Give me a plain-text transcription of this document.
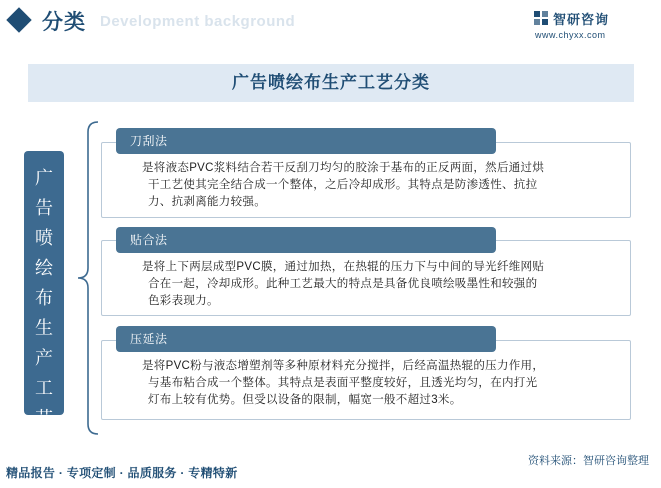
分类 Development background	智研咨询
www.chyxx.com
广告喷绘布生产工艺分类
广
告
喷
绘
布
生
产
工
艺
刀刮法
是将液态PVC浆料结合若干反刮刀均匀的胶涂于基布的正反两面，然后通过烘
干工艺使其完全结合成一个整体，之后冷却成形。其特点是防渗透性、抗拉
力、抗剥离能力较强。
贴合法
是将上下两层成型PVC膜，通过加热，在热辊的压力下与中间的导光纤维网贴
合在一起，冷却成形。此种工艺最大的特点是具备优良喷绘吸墨性和较强的
色彩表现力。
压延法
是将PVC粉与液态增塑剂等多种原材料充分搅拌，后经高温热辊的压力作用，
与基布粘合成一个整体。其特点是表面平整度较好，且透光均匀，在内打光
灯布上较有优势。但受以设备的限制，幅宽一般不超过3米。
资料来源：智研咨询整理
精品报告 · 专项定制 · 品质服务 · 专精特新
